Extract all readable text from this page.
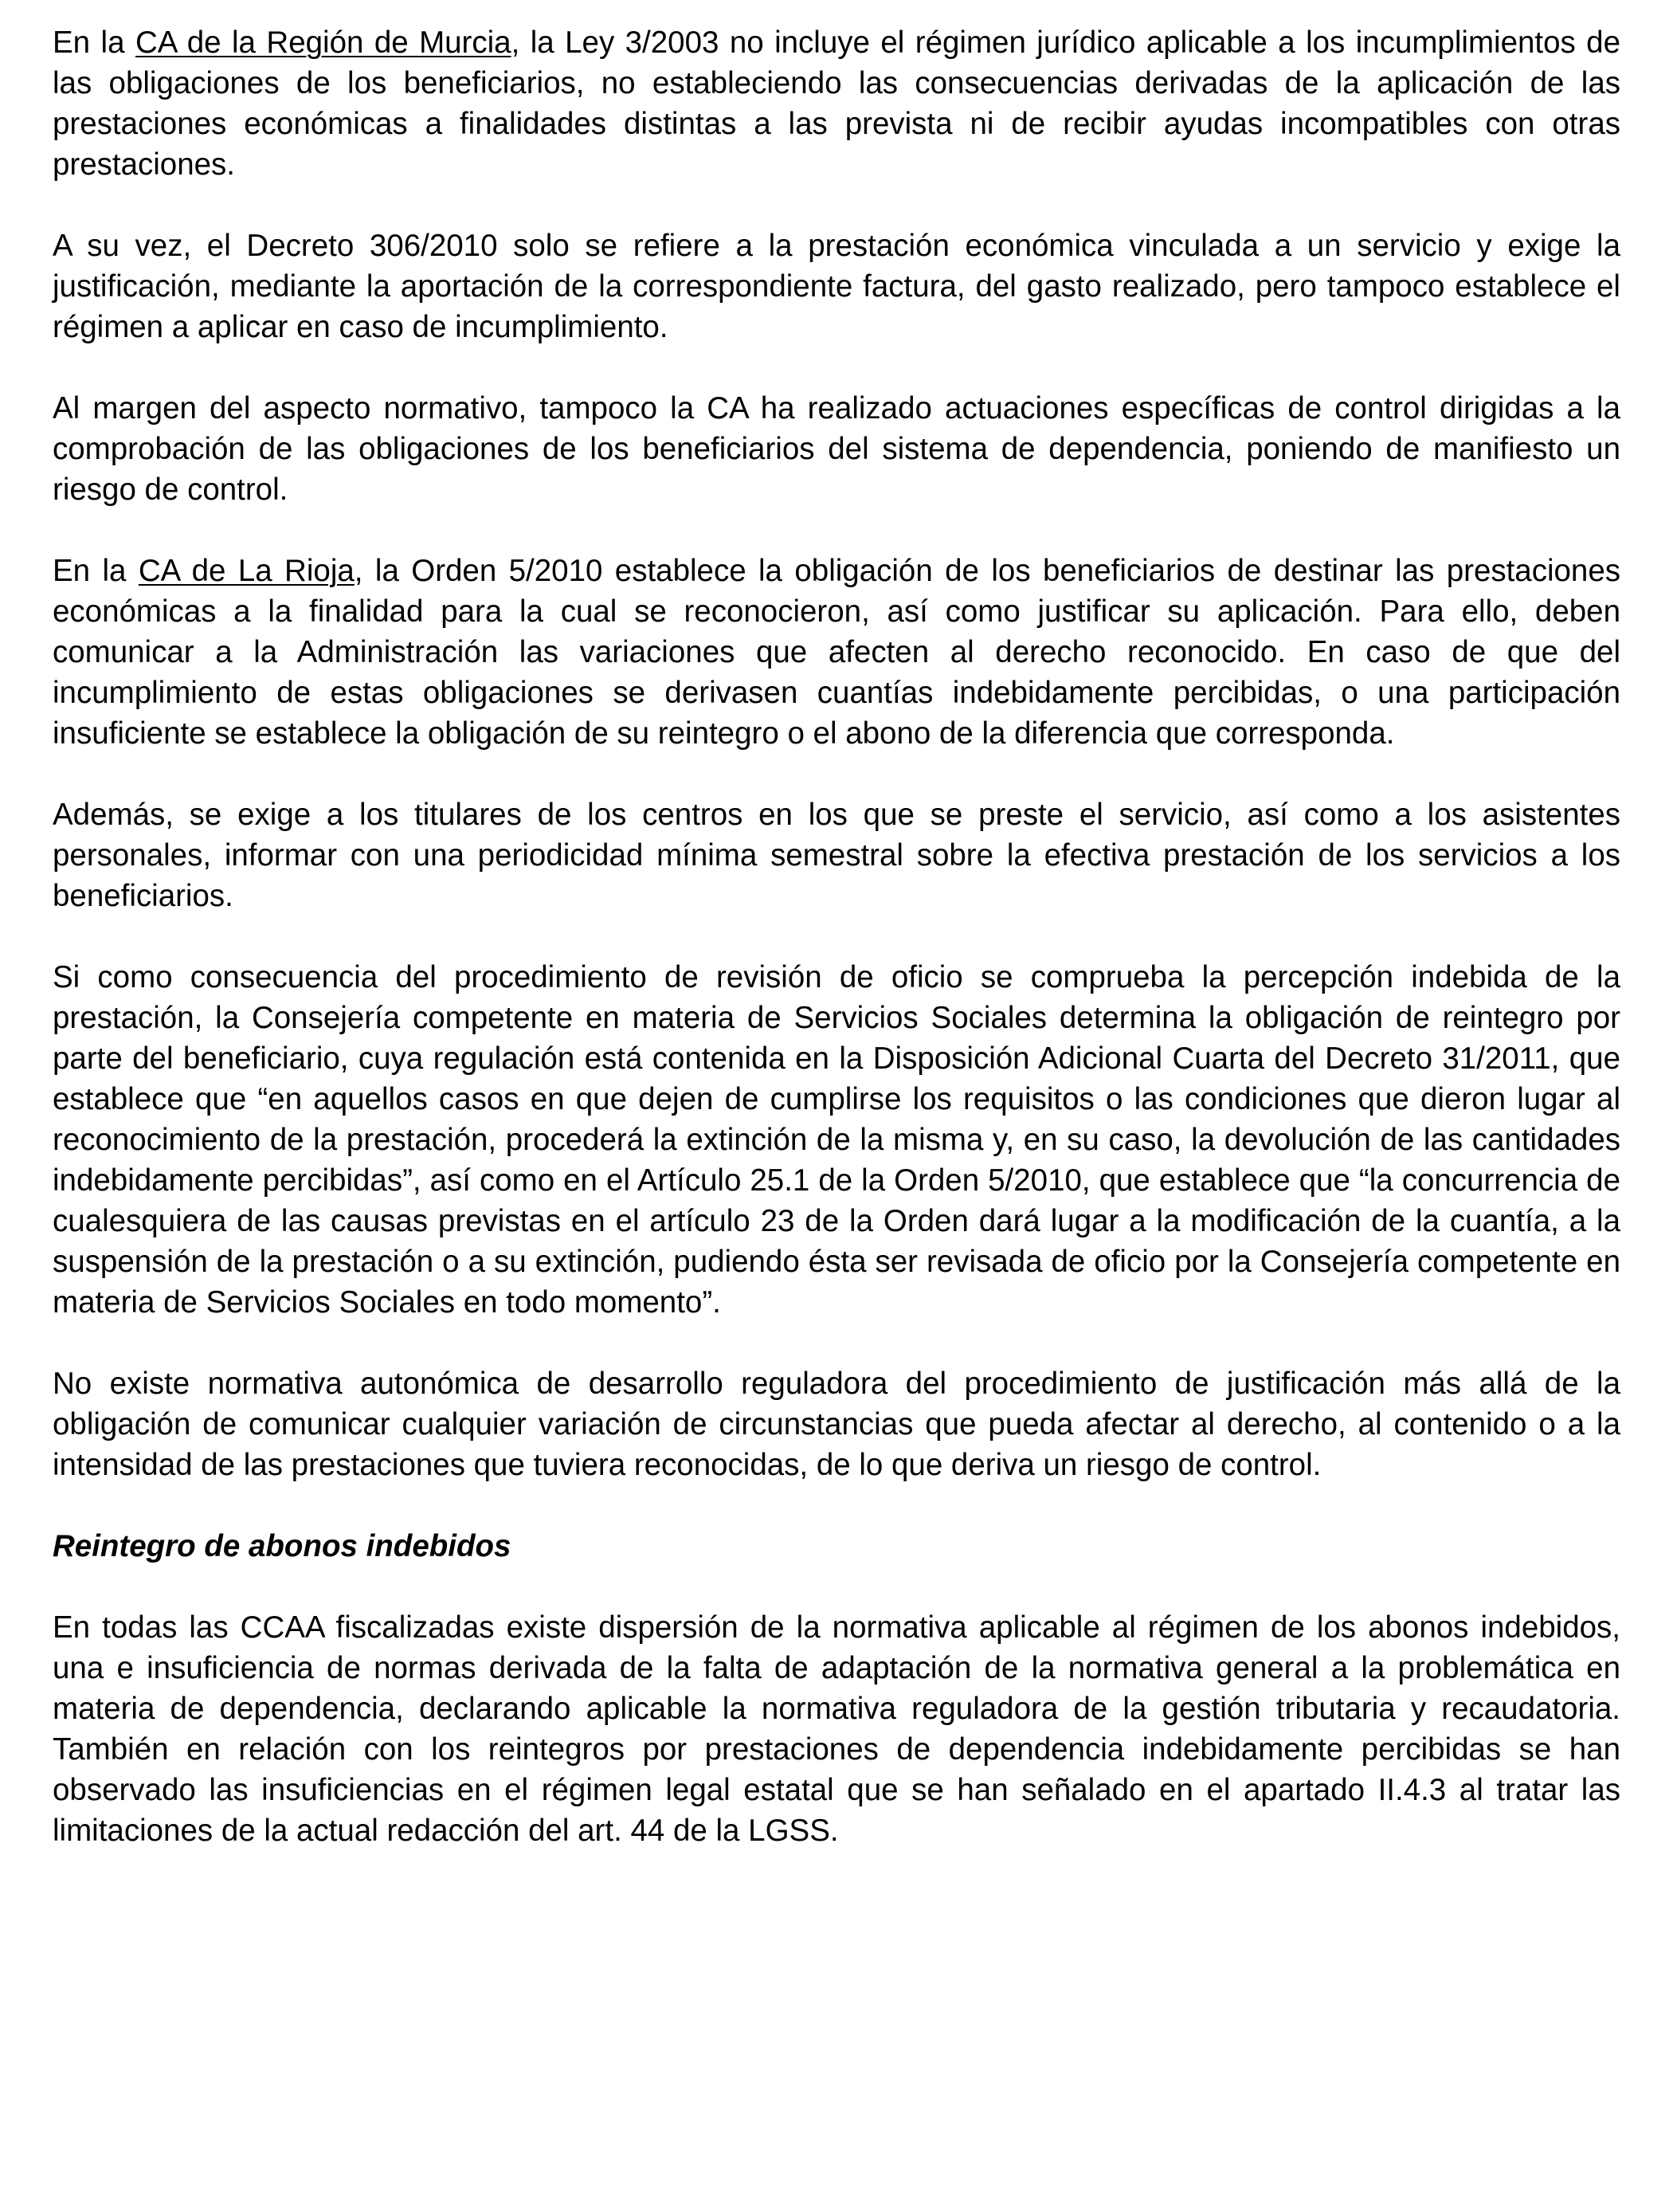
En la CA de la Región de Murcia, la Ley 3/2003 no incluye el régimen jurídico aplicable a los incumplimientos de las obligaciones de los beneficiarios, no estableciendo las consecuencias derivadas de la aplicación de las prestaciones económicas a finalidades distintas a las prevista ni de recibir ayudas incompatibles con otras prestaciones.

A su vez, el Decreto 306/2010 solo se refiere a la prestación económica vinculada a un servicio y exige la justificación, mediante la aportación de la correspondiente factura, del gasto realizado, pero tampoco establece el régimen a aplicar en caso de incumplimiento.

Al margen del aspecto normativo, tampoco la CA ha realizado actuaciones específicas de control dirigidas a la comprobación de las obligaciones de los beneficiarios del sistema de dependencia, poniendo de manifiesto un riesgo de control.

En la CA de La Rioja, la Orden 5/2010 establece la obligación de los beneficiarios de destinar las prestaciones económicas a la finalidad para la cual se reconocieron, así como justificar su aplicación. Para ello, deben comunicar a la Administración las variaciones que afecten al derecho reconocido. En caso de que del incumplimiento de estas obligaciones se derivasen cuantías indebidamente percibidas, o una participación insuficiente se establece la obligación de su reintegro o el abono de la diferencia que corresponda.

Además, se exige a los titulares de los centros en los que se preste el servicio, así como a los asistentes personales, informar con una periodicidad mínima semestral sobre la efectiva prestación de los servicios a los beneficiarios.

Si como consecuencia del procedimiento de revisión de oficio se comprueba la percepción indebida de la prestación, la Consejería competente en materia de Servicios Sociales determina la obligación de reintegro por parte del beneficiario, cuya regulación está contenida en la Disposición Adicional Cuarta del Decreto 31/2011, que establece que “en aquellos casos en que dejen de cumplirse los requisitos o las condiciones que dieron lugar al reconocimiento de la prestación, procederá la extinción de la misma y, en su caso, la devolución de las cantidades indebidamente percibidas”, así como en el Artículo 25.1 de la Orden 5/2010, que establece que “la concurrencia de cualesquiera de las causas previstas en el artículo 23 de la Orden dará lugar a la modificación de la cuantía, a la suspensión de la prestación o a su extinción, pudiendo ésta ser revisada de oficio por la Consejería competente en materia de Servicios Sociales en todo momento”.

No existe normativa autonómica de desarrollo reguladora del procedimiento de justificación más allá de la obligación de comunicar cualquier variación de circunstancias que pueda afectar al derecho, al contenido o a la intensidad de las prestaciones que tuviera reconocidas, de lo que deriva un riesgo de control.

Reintegro de abonos indebidos

En todas las CCAA fiscalizadas existe dispersión de la normativa aplicable al régimen de los abonos indebidos, una e insuficiencia de normas derivada de la falta de adaptación de la normativa general a la problemática en materia de dependencia, declarando aplicable la normativa reguladora de la gestión tributaria y recaudatoria. También en relación con los reintegros por prestaciones de dependencia indebidamente percibidas se han observado las insuficiencias en el régimen legal estatal que se han señalado en el apartado II.4.3 al tratar las limitaciones de la actual redacción del art. 44 de la LGSS.
